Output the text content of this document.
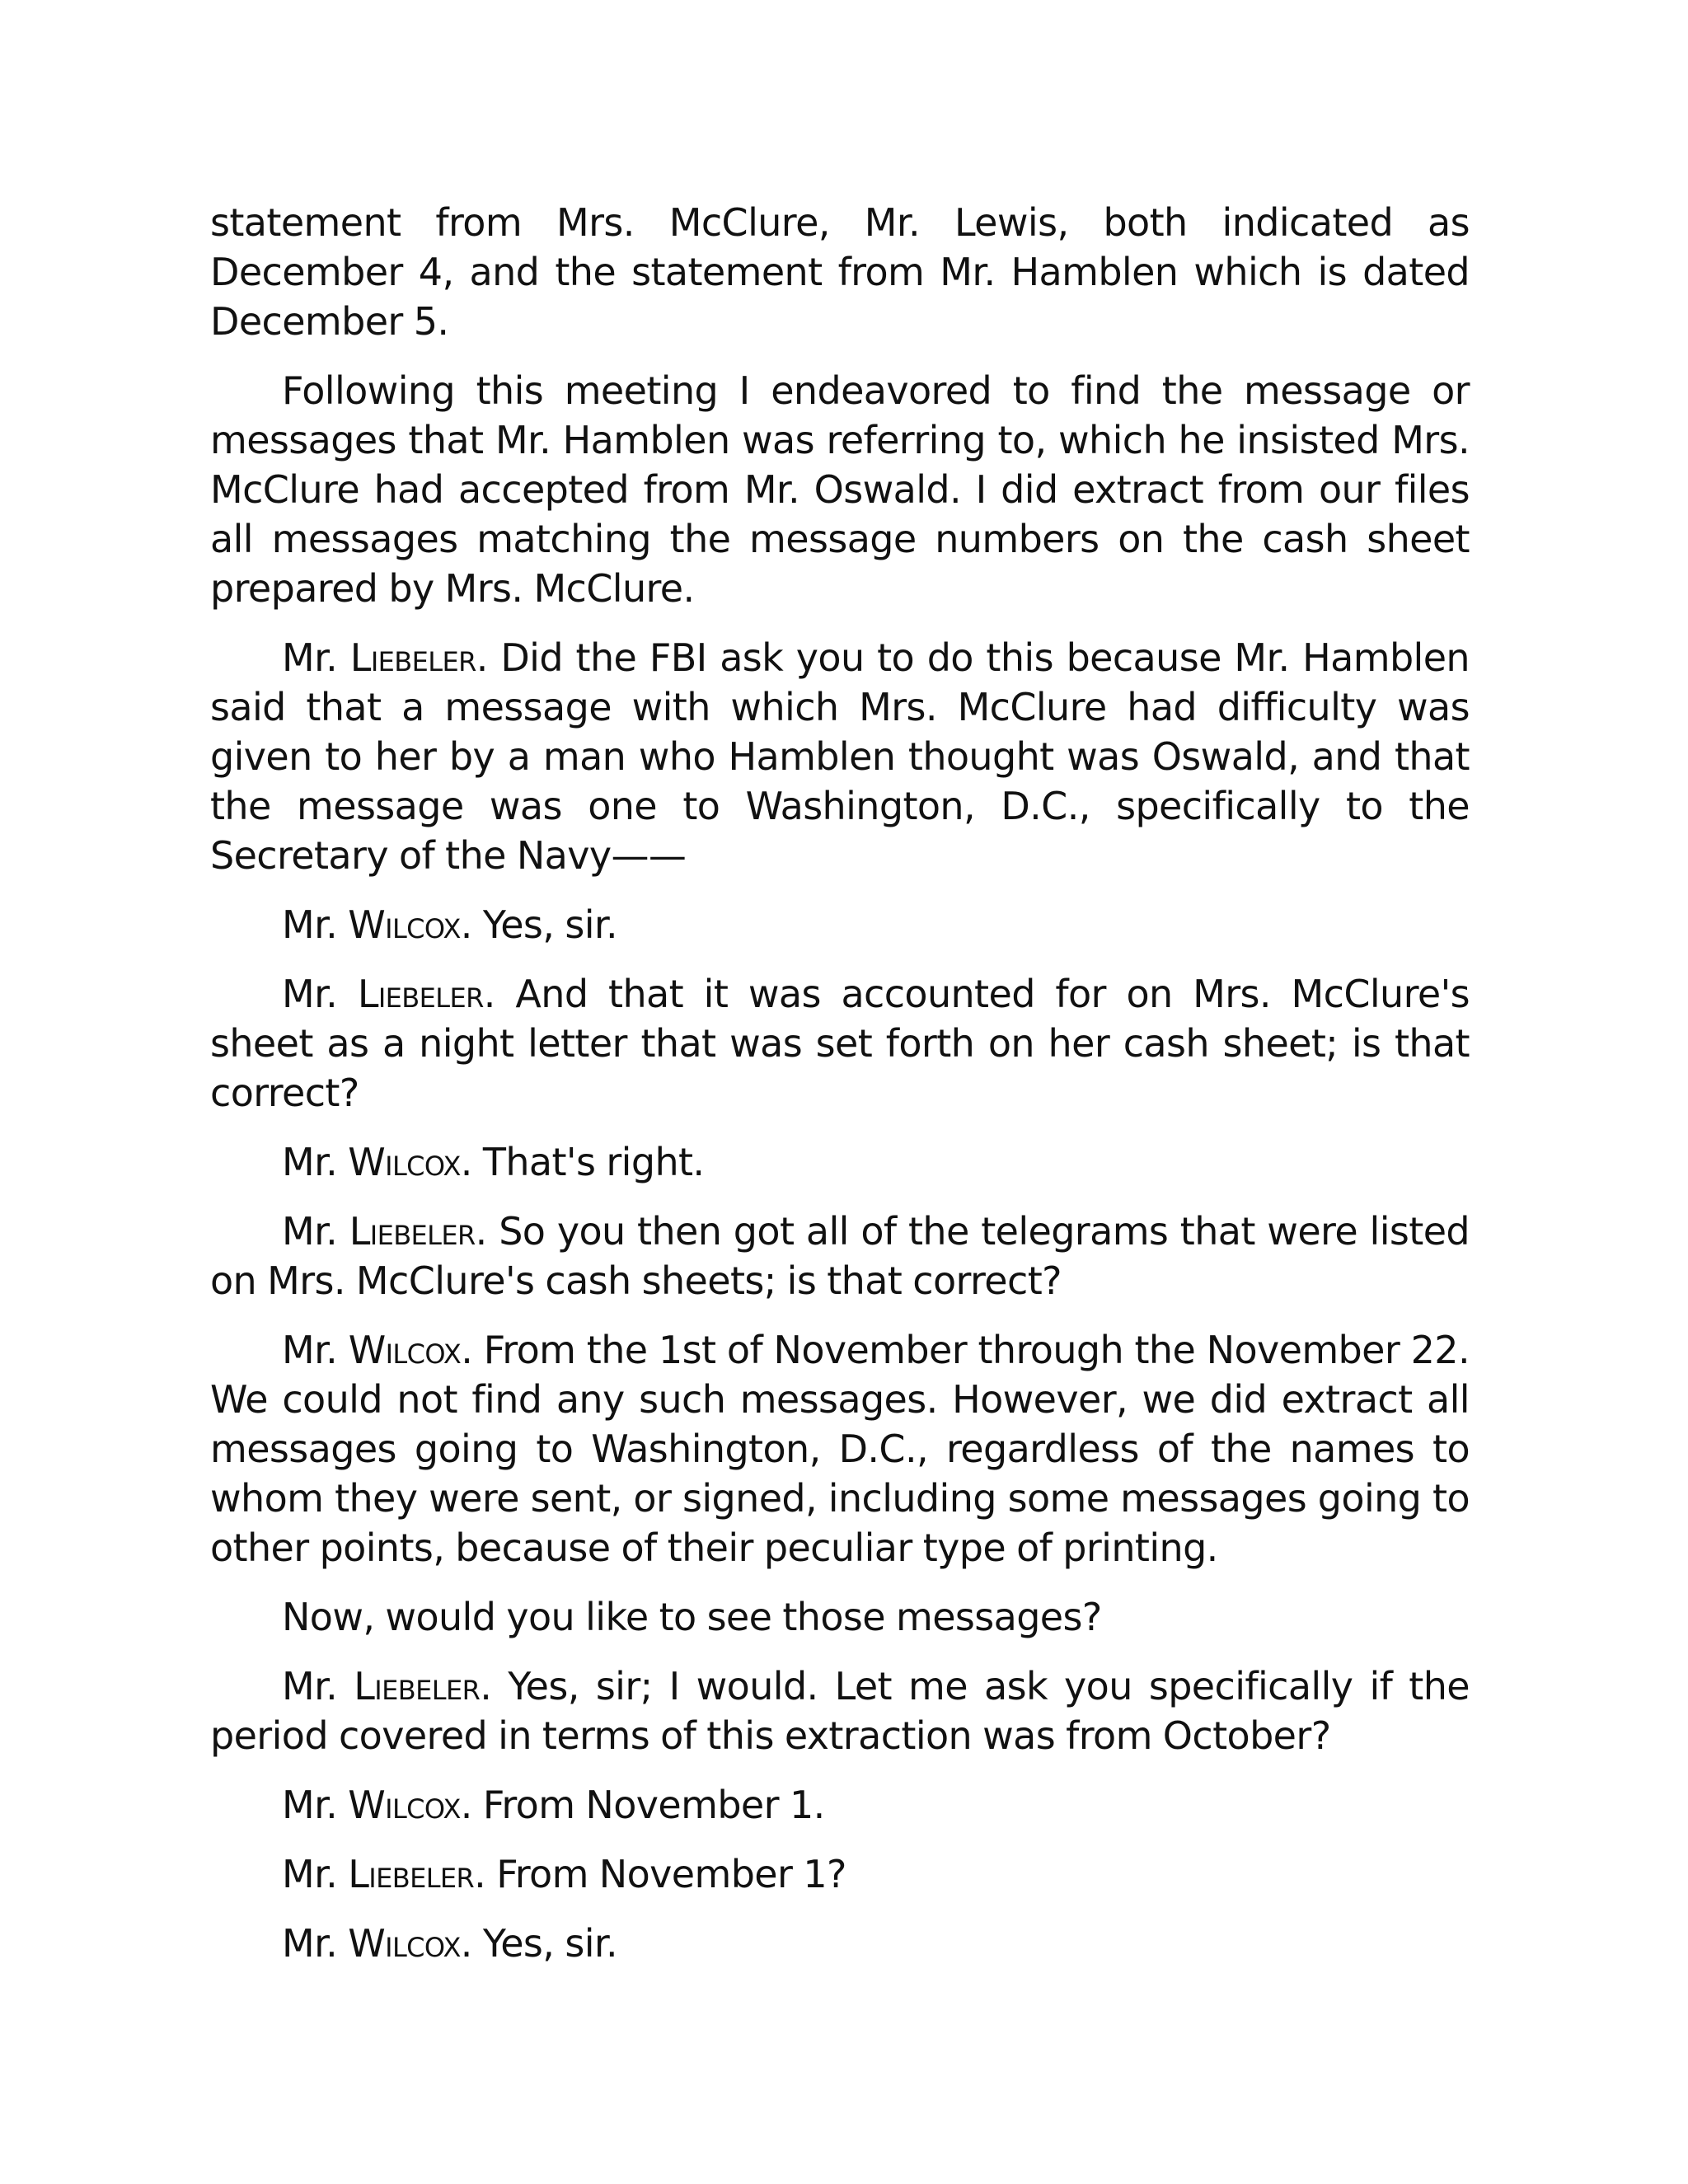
statement from Mrs. McClure, Mr. Lewis, both indicated as December 4, and the statement from Mr. Hamblen which is dated December 5.

Following this meeting I endeavored to find the message or messages that Mr. Hamblen was referring to, which he insisted Mrs. McClure had accepted from Mr. Oswald. I did extract from our files all messages matching the message numbers on the cash sheet prepared by Mrs. McClure.

Mr. Liebeler. Did the FBI ask you to do this because Mr. Hamblen said that a message with which Mrs. McClure had difficulty was given to her by a man who Hamblen thought was Oswald, and that the message was one to Washington, D.C., specifically to the Secretary of the Navy——

Mr. Wilcox. Yes, sir.

Mr. Liebeler. And that it was accounted for on Mrs. McClure's sheet as a night letter that was set forth on her cash sheet; is that correct?

Mr. Wilcox. That's right.

Mr. Liebeler. So you then got all of the telegrams that were listed on Mrs. McClure's cash sheets; is that correct?

Mr. Wilcox. From the 1st of November through the November 22. We could not find any such messages. However, we did extract all messages going to Washington, D.C., regardless of the names to whom they were sent, or signed, including some messages going to other points, because of their peculiar type of printing.

Now, would you like to see those messages?

Mr. Liebeler. Yes, sir; I would. Let me ask you specifically if the period covered in terms of this extraction was from October?

Mr. Wilcox. From November 1.

Mr. Liebeler. From November 1?

Mr. Wilcox. Yes, sir.
